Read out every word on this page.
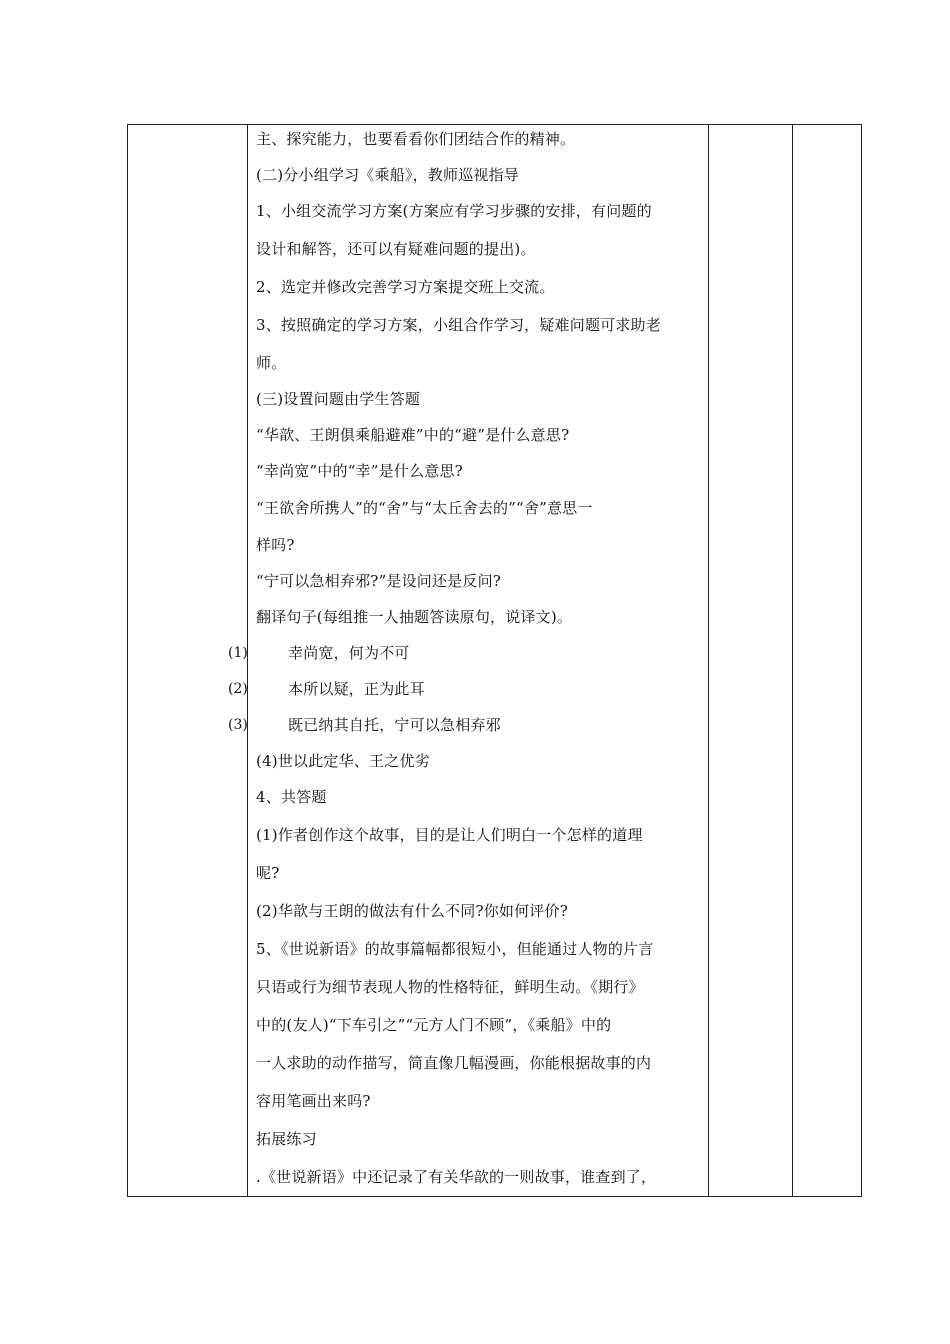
主、探究能力，也要看看你们团结合作的精神。
(二)分小组学习《乘船》，教师巡视指导
1、小组交流学习方案(方案应有学习步骤的安排，有问题的
设计和解答，还可以有疑难问题的提出)。
2、选定并修改完善学习方案提交班上交流。
3、按照确定的学习方案，小组合作学习，疑难问题可求助老
师。
(三)设置问题由学生答题
“华歆、王朗俱乘船避难”中的“避”是什么意思?
“幸尚宽”中的“幸”是什么意思?
“王欲舍所携人”的“舍”与“太丘舍去的”“舍”意思一
样吗?
“宁可以急相弃邪?”是设问还是反问?
翻译句子(每组推一人抽题答读原句，说译文)。
幸尚宽，何为不可
本所以疑，正为此耳
既已纳其自托，宁可以急相弃邪
(4)世以此定华、王之优劣
4、共答题
(1)作者创作这个故事，目的是让人们明白一个怎样的道理
呢?
(2)华歆与王朗的做法有什么不同?你如何评价?
5、《世说新语》的故事篇幅都很短小，但能通过人物的片言
只语或行为细节表现人物的性格特征，鲜明生动。《期行》
中的(友人)“下车引之”“元方人门不顾”，《乘船》中的
一人求助的动作描写，简直像几幅漫画，你能根据故事的内
容用笔画出来吗?
拓展练习
.《世说新语》中还记录了有关华歆的一则故事，谁查到了，
(1)
(2)
(3)
